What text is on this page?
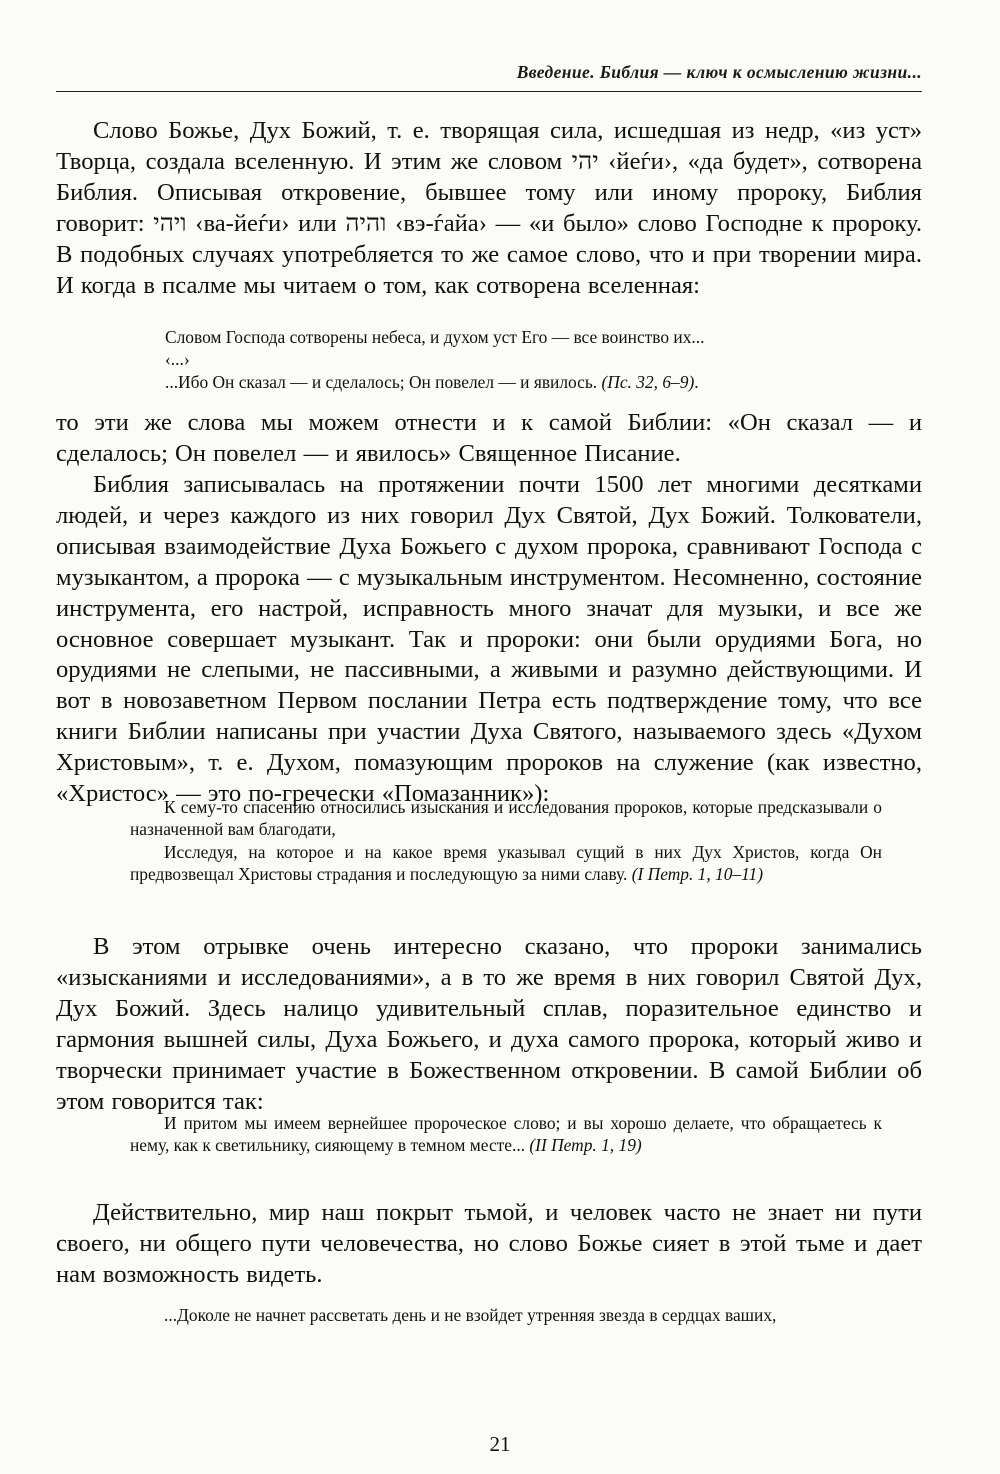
Введение. Библия — ключ к осмыслению жизни...

Слово Божье, Дух Божий, т. е. творящая сила, исшедшая из недр, «из уст» Творца, создала вселенную. И этим же словом יהי ‹йеѓи›, «да будет», сотворена Библия. Описывая откровение, бывшее тому или иному пророку, Библия говорит: ויהי ‹ва-йеѓи› или והיה ‹вэ-ѓайа› — «и было» слово Господне к пророку. В подобных случаях употребляется то же самое слово, что и при творении мира. И когда в псалме мы читаем о том, как сотворена вселенная:

Словом Господа сотворены небеса, и духом уст Его — все воинство их...

‹...›

...Ибо Он сказал — и сделалось; Он повелел — и явилось. (Пс. 32, 6–9).

то эти же слова мы можем отнести и к самой Библии: «Он сказал — и сделалось; Он повелел — и явилось» Священное Писание.

Библия записывалась на протяжении почти 1500 лет многими десятками людей, и через каждого из них говорил Дух Святой, Дух Божий. Толкователи, описывая взаимодействие Духа Божьего с духом пророка, сравнивают Господа с музыкантом, а пророка — с музыкальным инструментом. Несомненно, состояние инструмента, его настрой, исправность много значат для музыки, и все же основное совершает музыкант. Так и пророки: они были орудиями Бога, но орудиями не слепыми, не пассивными, а живыми и разумно действующими. И вот в новозаветном Первом послании Петра есть подтверждение тому, что все книги Библии написаны при участии Духа Святого, называемого здесь «Духом Христовым», т. е. Духом, помазующим пророков на служение (как известно, «Христос» — это по-гречески «Помазанник»):

К сему-то спасению относились изыскания и исследования пророков, которые предсказывали о назначенной вам благодати,

Исследуя, на которое и на какое время указывал сущий в них Дух Христов, когда Он предвозвещал Христовы страдания и последующую за ними славу. (I Петр. 1, 10–11)

В этом отрывке очень интересно сказано, что пророки занимались «изысканиями и исследованиями», а в то же время в них говорил Святой Дух, Дух Божий. Здесь налицо удивительный сплав, поразительное единство и гармония вышней силы, Духа Божьего, и духа самого пророка, который живо и творчески принимает участие в Божественном откровении. В самой Библии об этом говорится так:

И притом мы имеем вернейшее пророческое слово; и вы хорошо делаете, что обращаетесь к нему, как к светильнику, сияющему в темном месте... (II Петр. 1, 19)

Действительно, мир наш покрыт тьмой, и человек часто не знает ни пути своего, ни общего пути человечества, но слово Божье сияет в этой тьме и дает нам возможность видеть.

...Доколе не начнет рассветать день и не взойдет утренняя звезда в сердцах ваших,

21
